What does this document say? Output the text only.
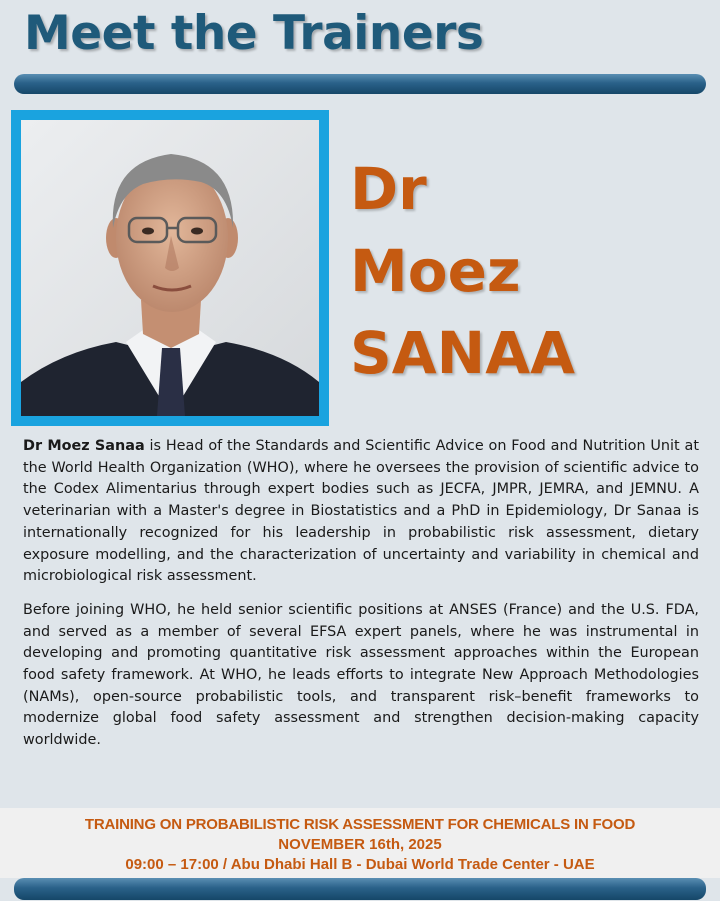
Meet the Trainers
Dr
Moez
SANAA

Dr Moez Sanaa is Head of the Standards and Scientific Advice on Food and Nutrition Unit at the World Health Organization (WHO), where he oversees the provision of scientific advice to the Codex Alimentarius through expert bodies such as JECFA, JMPR, JEMRA, and JEMNU. A veterinarian with a Master's degree in Biostatistics and a PhD in Epidemiology, Dr Sanaa is internationally recognized for his leadership in probabilistic risk assessment, dietary exposure modelling, and the characterization of uncertainty and variability in chemical and microbiological risk assessment.

Before joining WHO, he held senior scientific positions at ANSES (France) and the U.S. FDA, and served as a member of several EFSA expert panels, where he was instrumental in developing and promoting quantitative risk assessment approaches within the European food safety framework. At WHO, he leads efforts to integrate New Approach Methodologies (NAMs), open-source probabilistic tools, and transparent risk–benefit frameworks to modernize global food safety assessment and strengthen decision-making capacity worldwide.

TRAINING ON PROBABILISTIC RISK ASSESSMENT FOR CHEMICALS IN FOOD
NOVEMBER 16th, 2025
09:00 – 17:00 / Abu Dhabi Hall B - Dubai World Trade Center - UAE
